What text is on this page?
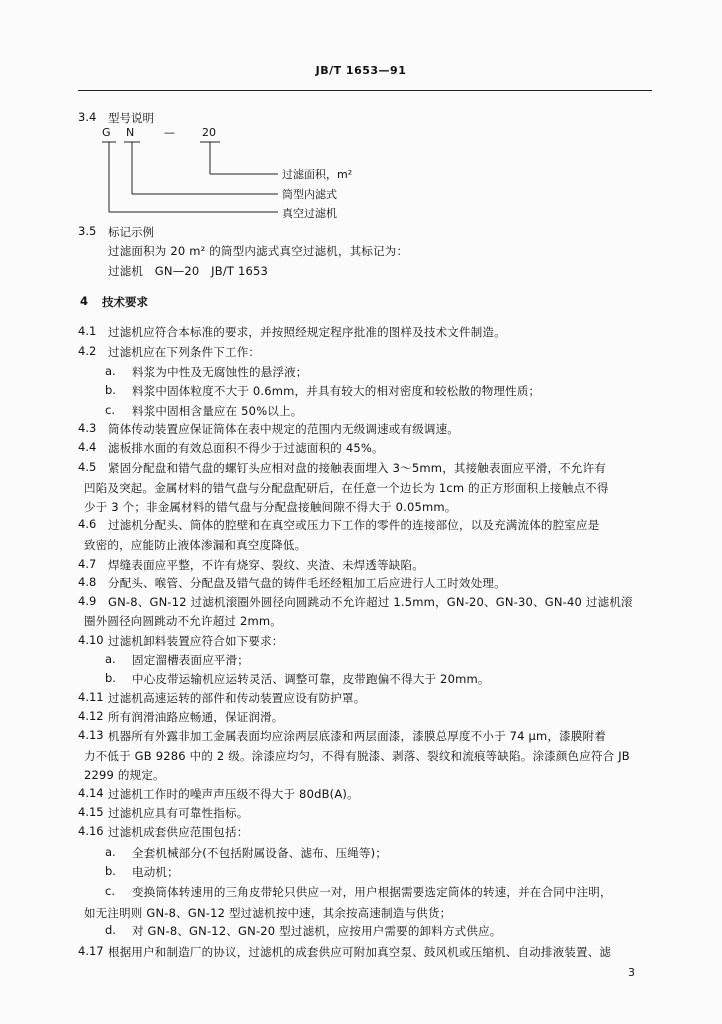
JB/T 1653—91
3.4 型号说明
G N	— 20
过滤面积，m²
筒型内滤式
真空过滤机
3.5 标记示例
过滤面积为 20 m² 的筒型内滤式真空过滤机，其标记为：
过滤机　GN—20　JB/T 1653
4 技术要求
4.1 过滤机应符合本标准的要求，并按照经规定程序批准的图样及技术文件制造。
4.2 过滤机应在下列条件下工作：
a. 料浆为中性及无腐蚀性的悬浮液；
b. 料浆中固体粒度不大于 0.6mm，并具有较大的相对密度和较松散的物理性质；
c. 料浆中固相含量应在 50%以上。
4.3 筒体传动装置应保证筒体在表中规定的范围内无级调速或有级调速。
4.4 滤板排水面的有效总面积不得少于过滤面积的 45%。
4.5 紧固分配盘和错气盘的螺钉头应相对盘的接触表面埋入 3～5mm，其接触表面应平滑，不允许有
凹陷及突起。金属材料的错气盘与分配盘配研后，在任意一个边长为 1cm 的正方形面积上接触点不得
少于 3 个；非金属材料的错气盘与分配盘接触间隙不得大于 0.05mm。
4.6 过滤机分配头、筒体的腔壁和在真空或压力下工作的零件的连接部位，以及充满流体的腔室应是
致密的，应能防止液体渗漏和真空度降低。
4.7 焊缝表面应平整，不许有烧穿、裂纹、夹渣、未焊透等缺陷。
4.8 分配头、喉管、分配盘及错气盘的铸件毛坯经粗加工后应进行人工时效处理。
4.9 GN-8、GN-12 过滤机滚圈外圆径向圆跳动不允许超过 1.5mm，GN-20、GN-30、GN-40 过滤机滚
圈外圆径向圆跳动不允许超过 2mm。
4.10 过滤机卸料装置应符合如下要求：
a. 固定溜槽表面应平滑；
b. 中心皮带运输机应运转灵活、调整可靠，皮带跑偏不得大于 20mm。
4.11 过滤机高速运转的部件和传动装置应设有防护罩。
4.12 所有润滑油路应畅通，保证润滑。
4.13 机器所有外露非加工金属表面均应涂两层底漆和两层面漆，漆膜总厚度不小于 74 μm，漆膜附着
力不低于 GB 9286 中的 2 级。涂漆应均匀，不得有脱漆、剥落、裂纹和流痕等缺陷。涂漆颜色应符合 JB
2299 的规定。
4.14 过滤机工作时的噪声声压级不得大于 80dB(A)。
4.15 过滤机应具有可靠性指标。
4.16 过滤机成套供应范围包括：
a. 全套机械部分(不包括附属设备、滤布、压绳等)；
b. 电动机；
c. 变换筒体转速用的三角皮带轮只供应一对，用户根据需要选定筒体的转速，并在合同中注明，
如无注明则 GN-8、GN-12 型过滤机按中速，其余按高速制造与供货；
d. 对 GN-8、GN-12、GN-20 型过滤机，应按用户需要的卸料方式供应。
4.17 根据用户和制造厂的协议，过滤机的成套供应可附加真空泵、鼓风机或压缩机、自动排液装置、滤
3
